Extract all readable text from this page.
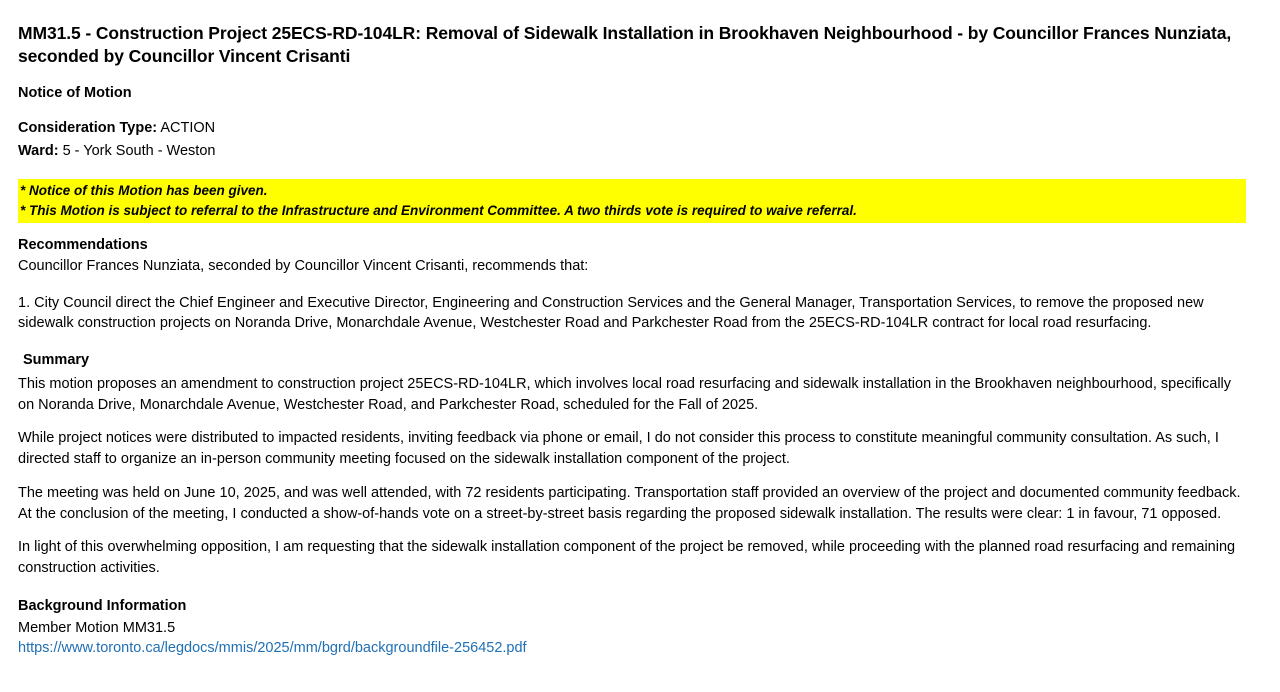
MM31.5 - Construction Project 25ECS-RD-104LR: Removal of Sidewalk Installation in Brookhaven Neighbourhood - by Councillor Frances Nunziata, seconded by Councillor Vincent Crisanti
Notice of Motion
Consideration Type: ACTION
Ward: 5 - York South - Weston
* Notice of this Motion has been given.
* This Motion is subject to referral to the Infrastructure and Environment Committee. A two thirds vote is required to waive referral.
Recommendations
Councillor Frances Nunziata, seconded by Councillor Vincent Crisanti, recommends that:
1. City Council direct the Chief Engineer and Executive Director, Engineering and Construction Services and the General Manager, Transportation Services, to remove the proposed new sidewalk construction projects on Noranda Drive, Monarchdale Avenue, Westchester Road and Parkchester Road from the 25ECS-RD-104LR contract for local road resurfacing.
Summary
This motion proposes an amendment to construction project 25ECS-RD-104LR, which involves local road resurfacing and sidewalk installation in the Brookhaven neighbourhood, specifically on Noranda Drive, Monarchdale Avenue, Westchester Road, and Parkchester Road, scheduled for the Fall of 2025.
While project notices were distributed to impacted residents, inviting feedback via phone or email, I do not consider this process to constitute meaningful community consultation. As such, I directed staff to organize an in-person community meeting focused on the sidewalk installation component of the project.
The meeting was held on June 10, 2025, and was well attended, with 72 residents participating. Transportation staff provided an overview of the project and documented community feedback. At the conclusion of the meeting, I conducted a show-of-hands vote on a street-by-street basis regarding the proposed sidewalk installation. The results were clear: 1 in favour, 71 opposed.
In light of this overwhelming opposition, I am requesting that the sidewalk installation component of the project be removed, while proceeding with the planned road resurfacing and remaining construction activities.
Background Information
Member Motion MM31.5
https://www.toronto.ca/legdocs/mmis/2025/mm/bgrd/backgroundfile-256452.pdf
